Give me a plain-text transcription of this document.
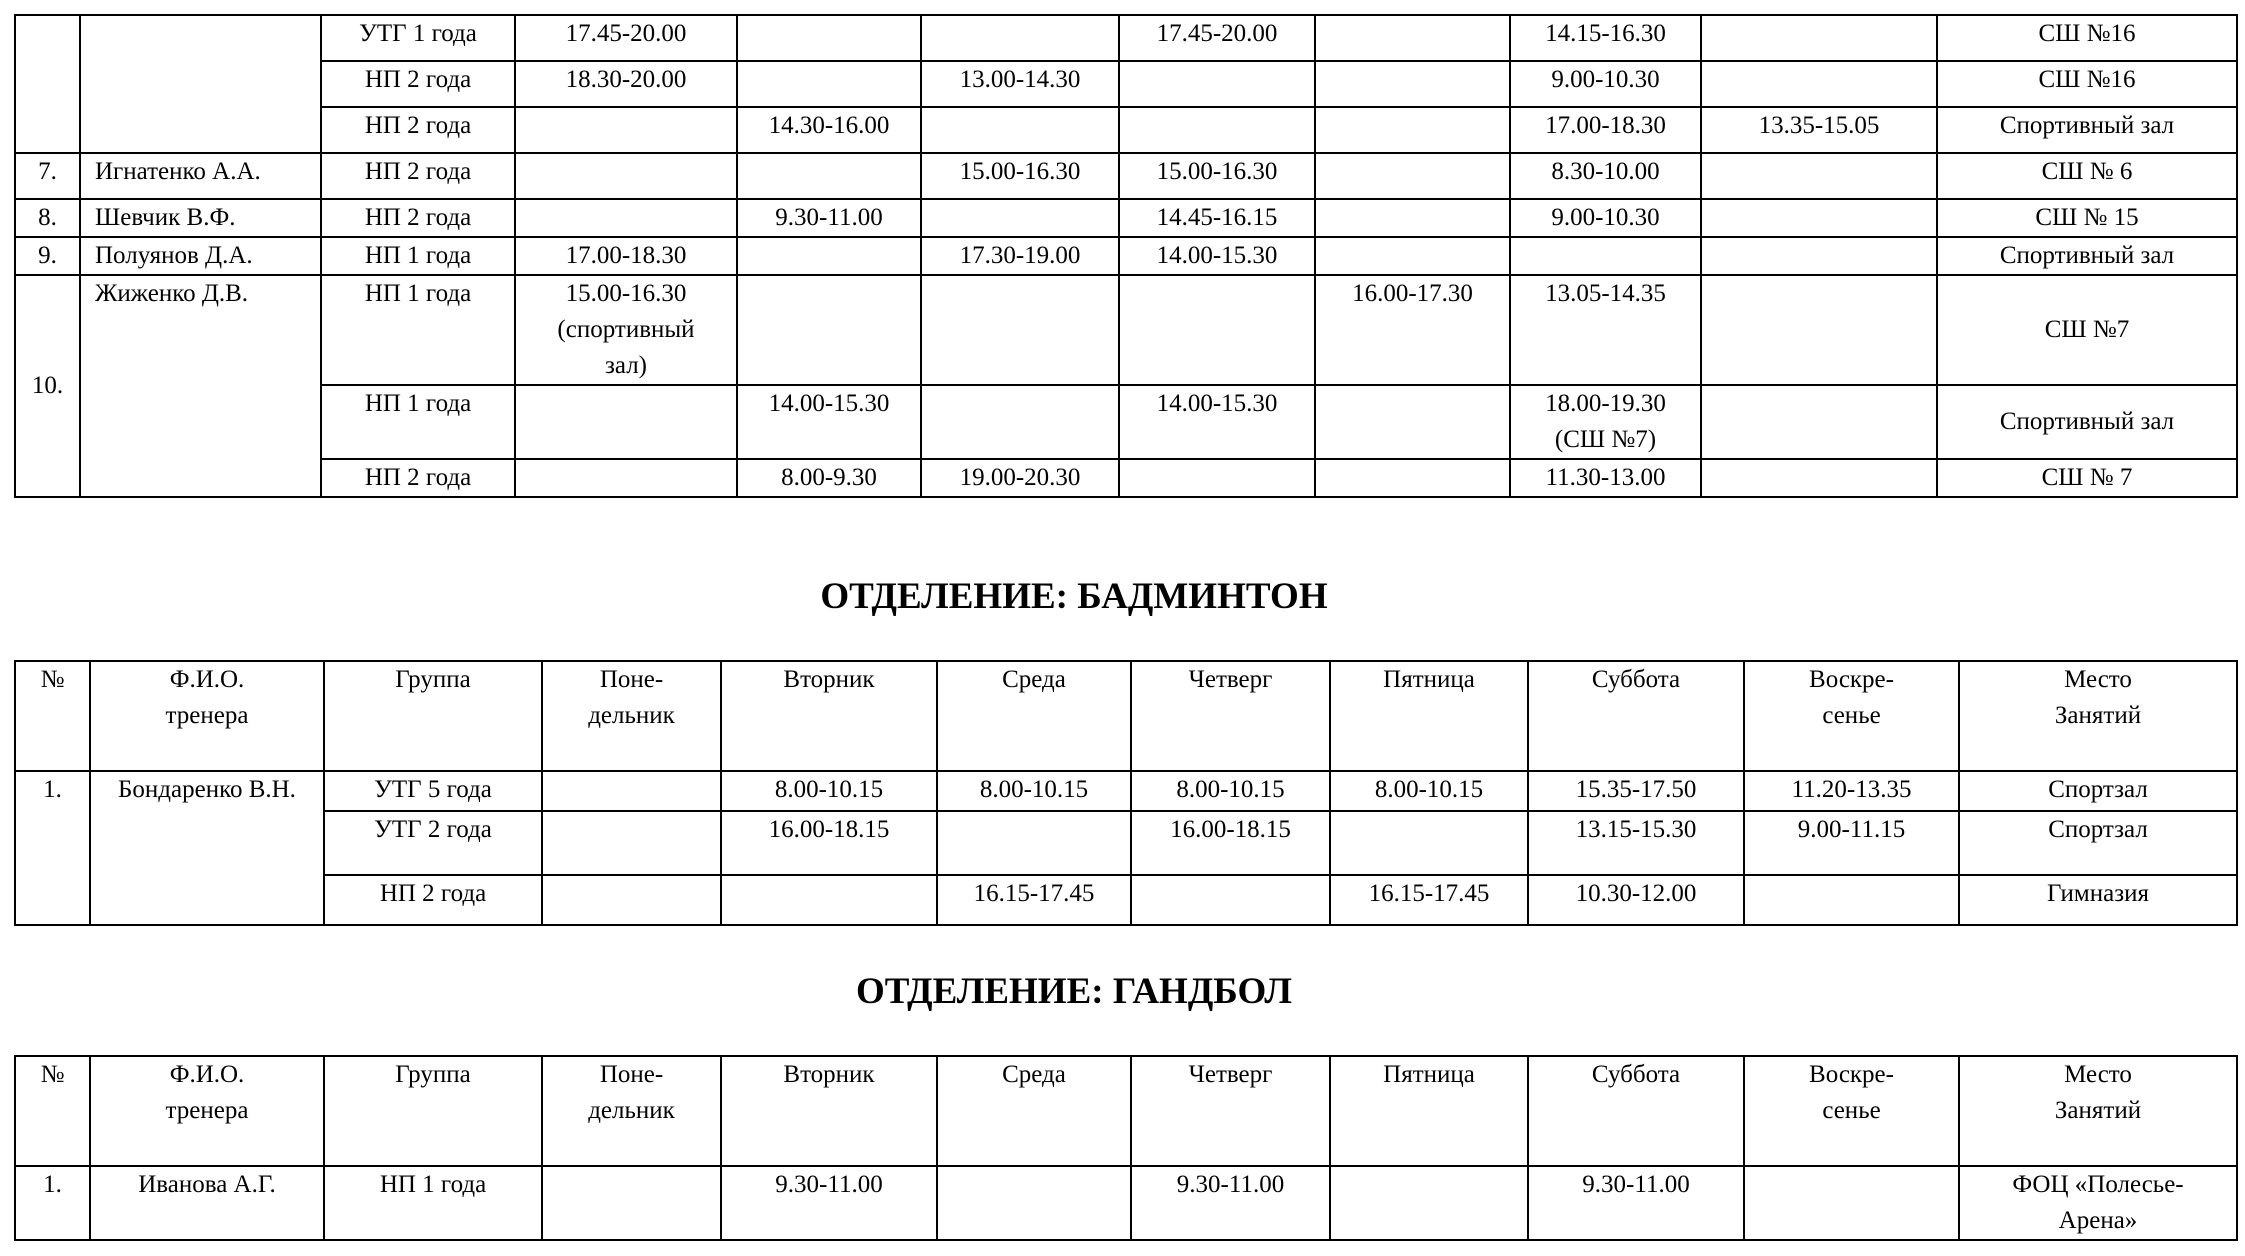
		УТГ 1 года	17.45-20.00			17.45-20.00		14.15-16.30		СШ №16
		НП 2 года	18.30-20.00		13.00-14.30			9.00-10.30		СШ №16
		НП 2 года		14.30-16.00				17.00-18.30	13.35-15.05	Спортивный зал
7.	Игнатенко А.А.	НП 2 года			15.00-16.30	15.00-16.30		8.30-10.00		СШ № 6
8.	Шевчик В.Ф.	НП 2 года		9.30-11.00		14.45-16.15		9.00-10.30		СШ № 15
9.	Полуянов Д.А.	НП 1 года	17.00-18.30		17.30-19.00	14.00-15.30				Спортивный зал
10.	Жиженко Д.В.	НП 1 года	15.00-16.30
(спортивный
зал)				16.00-17.30	13.05-14.35		СШ №7
		НП 1 года		14.00-15.30		14.00-15.30		18.00-19.30
(СШ №7)		Спортивный зал
		НП 2 года		8.00-9.30	19.00-20.30			11.30-13.00		СШ № 7
ОТДЕЛЕНИЕ: БАДМИНТОН
№	Ф.И.О.
тренера	Группа	Поне-
дельник	Вторник	Среда	Четверг	Пятница	Суббота	Воскре-
сенье	Место
Занятий
1.	Бондаренко В.Н.	УТГ 5 года		8.00-10.15	8.00-10.15	8.00-10.15	8.00-10.15	15.35-17.50	11.20-13.35	Спортзал
		УТГ 2 года		16.00-18.15		16.00-18.15		13.15-15.30	9.00-11.15	Спортзал
		НП 2 года			16.15-17.45		16.15-17.45	10.30-12.00		Гимназия
ОТДЕЛЕНИЕ: ГАНДБОЛ
№	Ф.И.О.
тренера	Группа	Поне-
дельник	Вторник	Среда	Четверг	Пятница	Суббота	Воскре-
сенье	Место
Занятий
1.	Иванова А.Г.	НП 1 года		9.30-11.00		9.30-11.00		9.30-11.00		ФОЦ «Полесье-
Арена»
